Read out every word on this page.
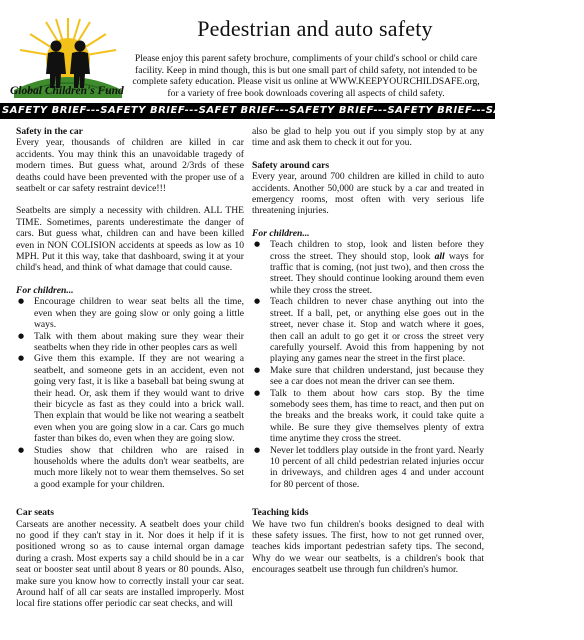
Global Children's Fund
Pedestrian and auto safety

Please enjoy this parent safety brochure, compliments of your child's school or child care facility. Keep in mind though, this is but one small part of child safety, not intended to be complete safety education. Please visit us online at WWW.KEEPYOURCHILDSAFE.org, for a variety of free book downloads covering all aspects of child safety.

SAFETY BRIEF---SAFETY BRIEF---SAFET BRIEF---SAFETY BRIEF---SAFETY BRIEF---SAFETY BRIEF---

Safety in the car

Every year, thousands of children are killed in car accidents. You may think this an unavoidable tragedy of modern times. But guess what, around 2/3rds of these deaths could have been prevented with the proper use of a seatbelt or car safety restraint device!!!

Seatbelts are simply a necessity with children. ALL THE TIME. Sometimes, parents underestimate the danger of cars. But guess what, children can and have been killed even in NON COLISION accidents at speeds as low as 10 MPH. Put it this way, take that dashboard, swing it at your child's head, and think of what damage that could cause.

For children...

● Encourage children to wear seat belts all the time, even when they are going slow or only going a little ways.
● Talk with them about making sure they wear their seatbelts when they ride in other peoples cars as well
● Give them this example. If they are not wearing a seatbelt, and someone gets in an accident, even not going very fast, it is like a baseball bat being swung at their head. Or, ask them if they would want to drive their bicycle as fast as they could into a brick wall. Then explain that would be like not wearing a seatbelt even when you are going slow in a car. Cars go much faster than bikes do, even when they are going slow.
● Studies show that children who are raised in households where the adults don't wear seatbelts, are much more likely not to wear them themselves. So set a good example for your children.

Car seats

Carseats are another necessity. A seatbelt does your child no good if they can't stay in it. Nor does it help if it is positioned wrong so as to cause internal organ damage during a crash. Most experts say a child should be in a car seat or booster seat until about 8 years or 80 pounds. Also, make sure you know how to correctly install your car seat. Around half of all car seats are installed improperly. Most local fire stations offer periodic car seat checks, and will

also be glad to help you out if you simply stop by at any time and ask them to check it out for you.

Safety around cars

Every year, around 700 children are killed in child to auto accidents. Another 50,000 are stuck by a car and treated in emergency rooms, most often with very serious life threatening injuries.

For children...

● Teach children to stop, look and listen before they cross the street. They should stop, look all ways for traffic that is coming, (not just two), and then cross the street. They should continue looking around them even while they cross the street.
● Teach children to never chase anything out into the street. If a ball, pet, or anything else goes out in the street, never chase it. Stop and watch where it goes, then call an adult to go get it or cross the street very carefully yourself. Avoid this from happening by not playing any games near the street in the first place.
● Make sure that children understand, just because they see a car does not mean the driver can see them.
● Talk to them about how cars stop. By the time somebody sees them, has time to react, and then put on the breaks and the breaks work, it could take quite a while. Be sure they give themselves plenty of extra time anytime they cross the street.
● Never let toddlers play outside in the front yard. Nearly 10 percent of all child pedestrian related injuries occur in driveways, and children ages 4 and under account for 80 percent of those.

Teaching kids

We have two fun children's books designed to deal with these safety issues. The first, how to not get runned over, teaches kids important pedestrian safety tips. The second, Why do we wear our seatbelts, is a children's book that encourages seatbelt use through fun children's humor.
